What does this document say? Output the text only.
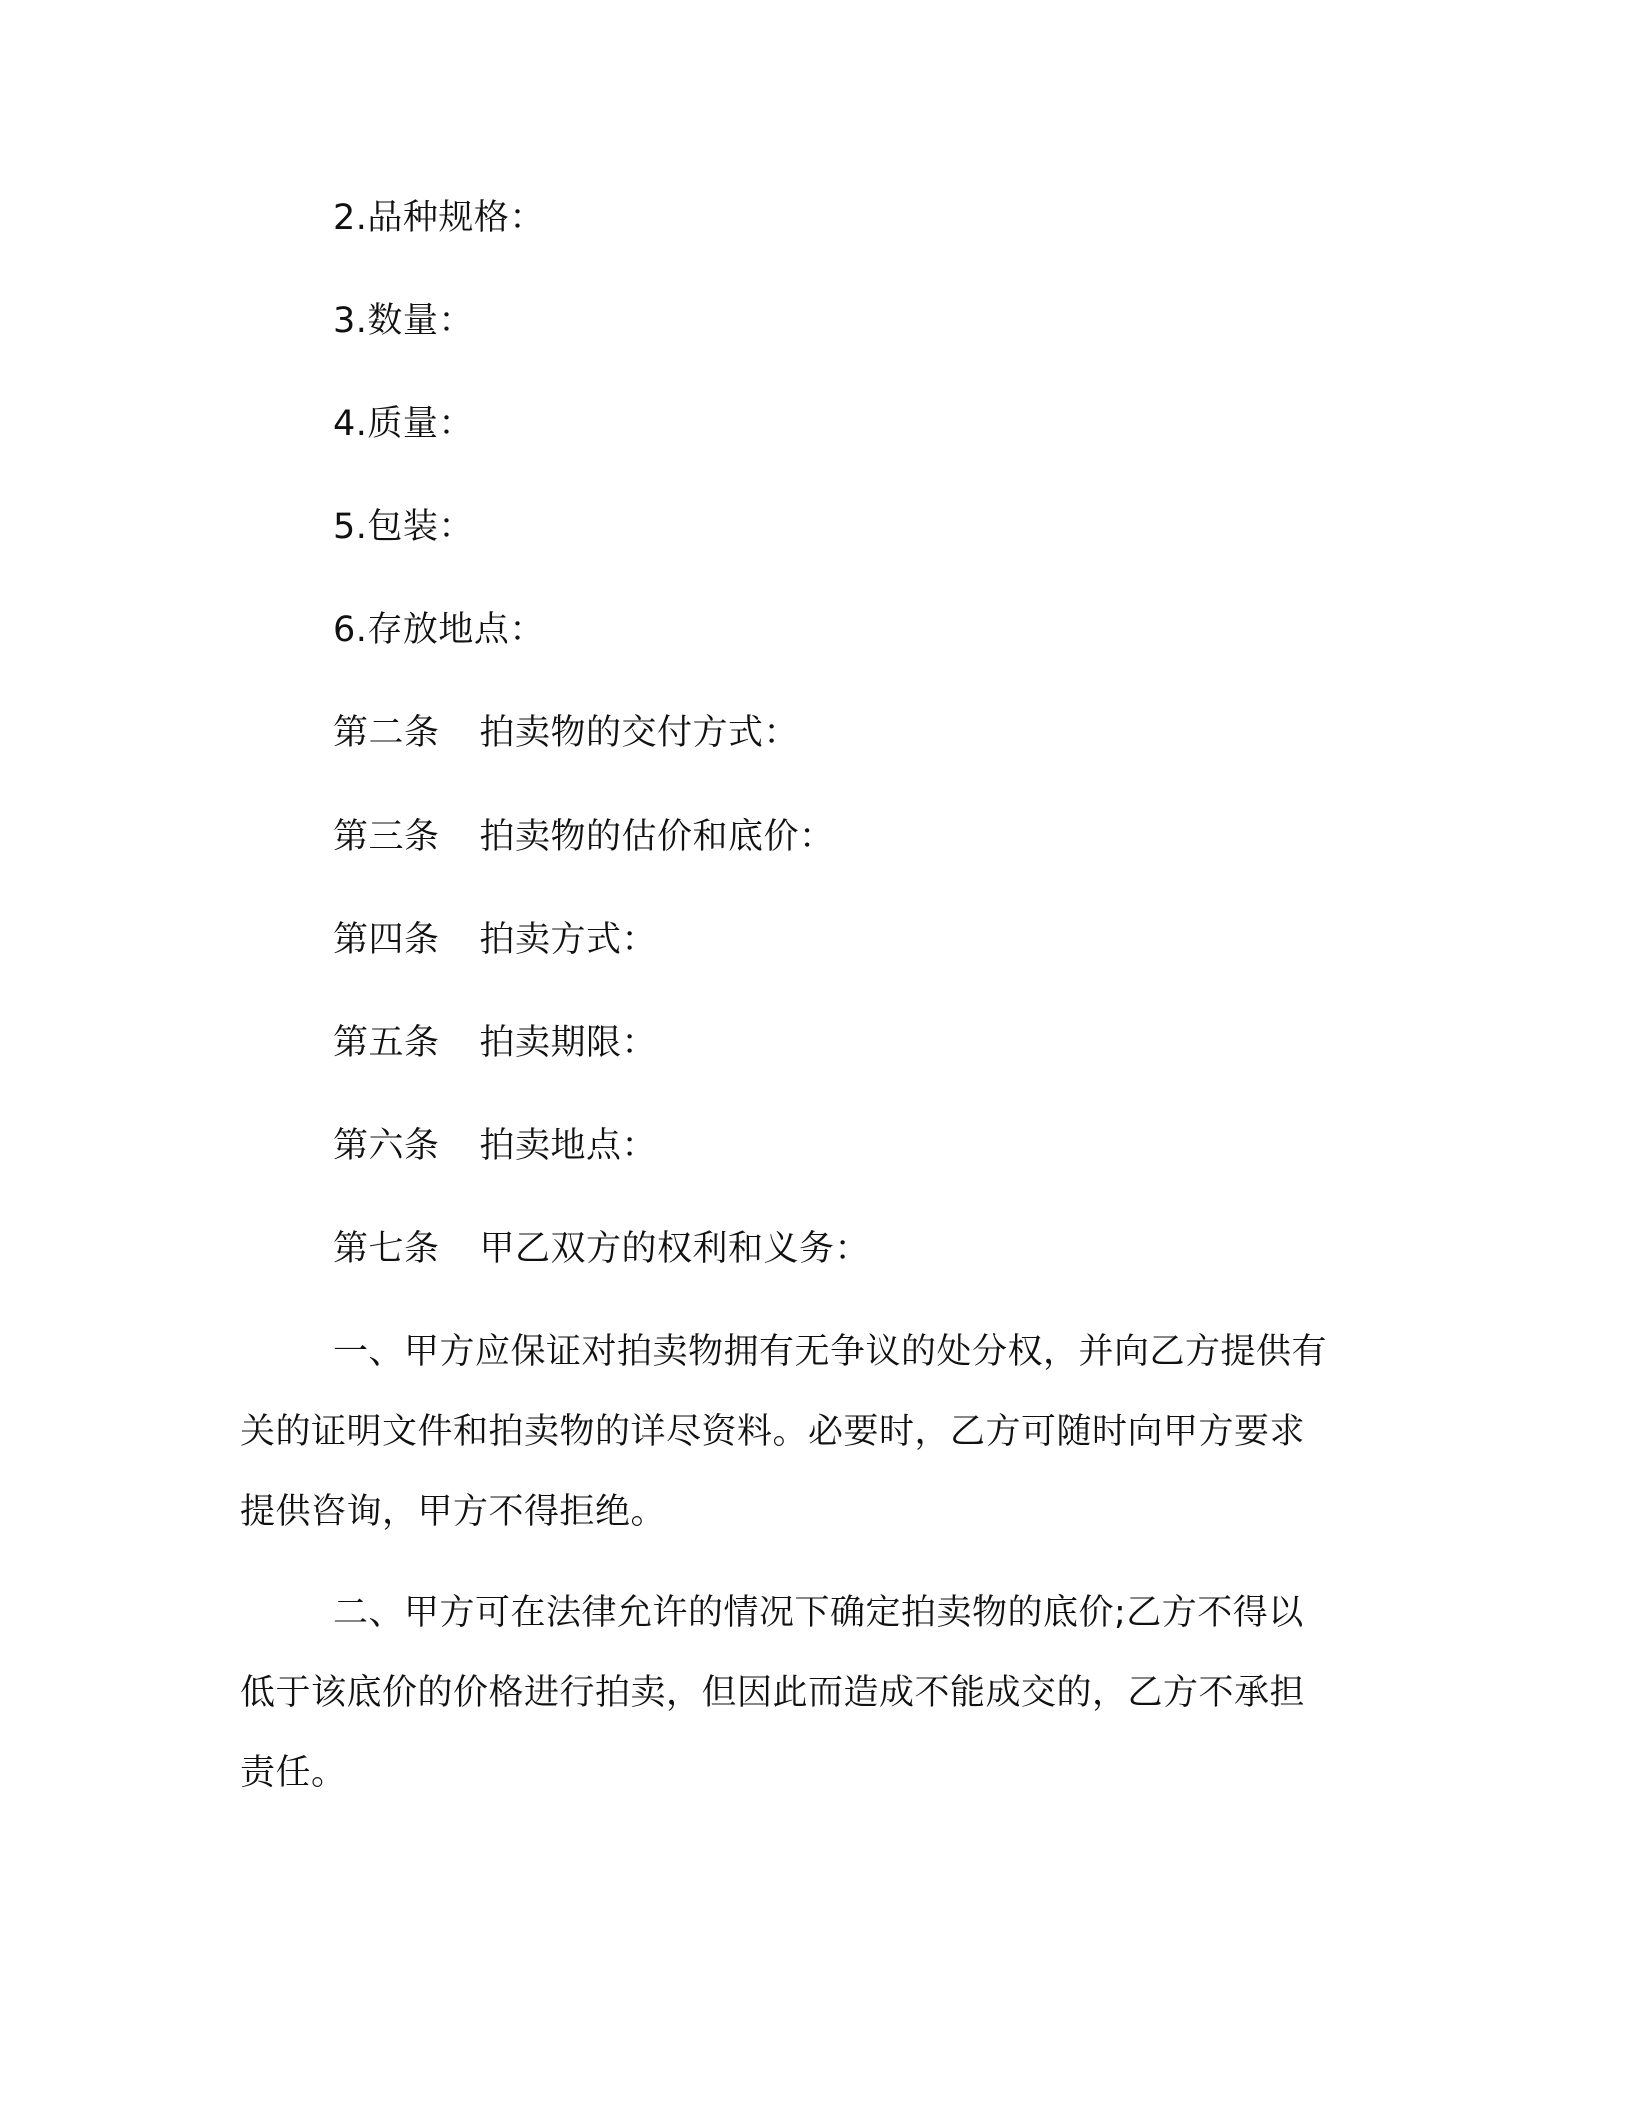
2.品种规格：
3.数量：
4.质量：
5.包装：
6.存放地点：
第二条 拍卖物的交付方式：
第三条 拍卖物的估价和底价：
第四条 拍卖方式：
第五条 拍卖期限：
第六条 拍卖地点：
第七条 甲乙双方的权利和义务：
一、甲方应保证对拍卖物拥有无争议的处分权，并向乙方提供有
关的证明文件和拍卖物的详尽资料。必要时，乙方可随时向甲方要求
提供咨询，甲方不得拒绝。
二、甲方可在法律允许的情况下确定拍卖物的底价;乙方不得以
低于该底价的价格进行拍卖，但因此而造成不能成交的，乙方不承担
责任。
